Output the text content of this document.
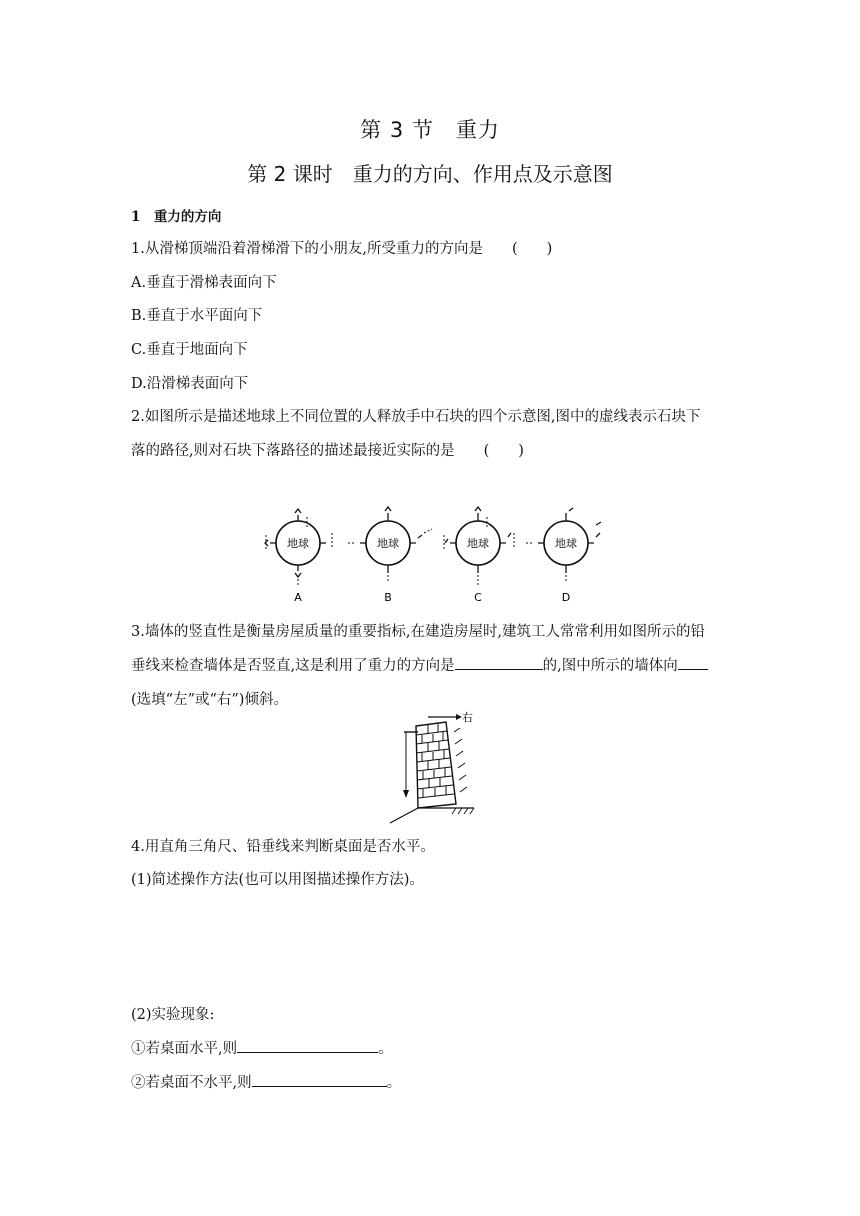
第 3 节　重力
第 2 课时　重力的方向、作用点及示意图
1　重力的方向
1.从滑梯顶端沿着滑梯滑下的小朋友,所受重力的方向是　　(　　)
A.垂直于滑梯表面向下
B.垂直于水平面向下
C.垂直于地面向下
D.沿滑梯表面向下
2.如图所示是描述地球上不同位置的人释放手中石块的四个示意图,图中的虚线表示石块下
落的路径,则对石块下落路径的描述最接近实际的是　　(　　)
地球
A
地球
B
地球
C
地球
D
3.墙体的竖直性是衡量房屋质量的重要指标,在建造房屋时,建筑工人常常利用如图所示的铅
垂线来检查墙体是否竖直,这是利用了重力的方向是	的,图中所示的墙体向
(选填“左”或“右”)倾斜。
右
4.用直角三角尺、铅垂线来判断桌面是否水平。
(1)简述操作方法(也可以用图描述操作方法)。
(2)实验现象:
①若桌面水平,则	。
②若桌面不水平,则	。
